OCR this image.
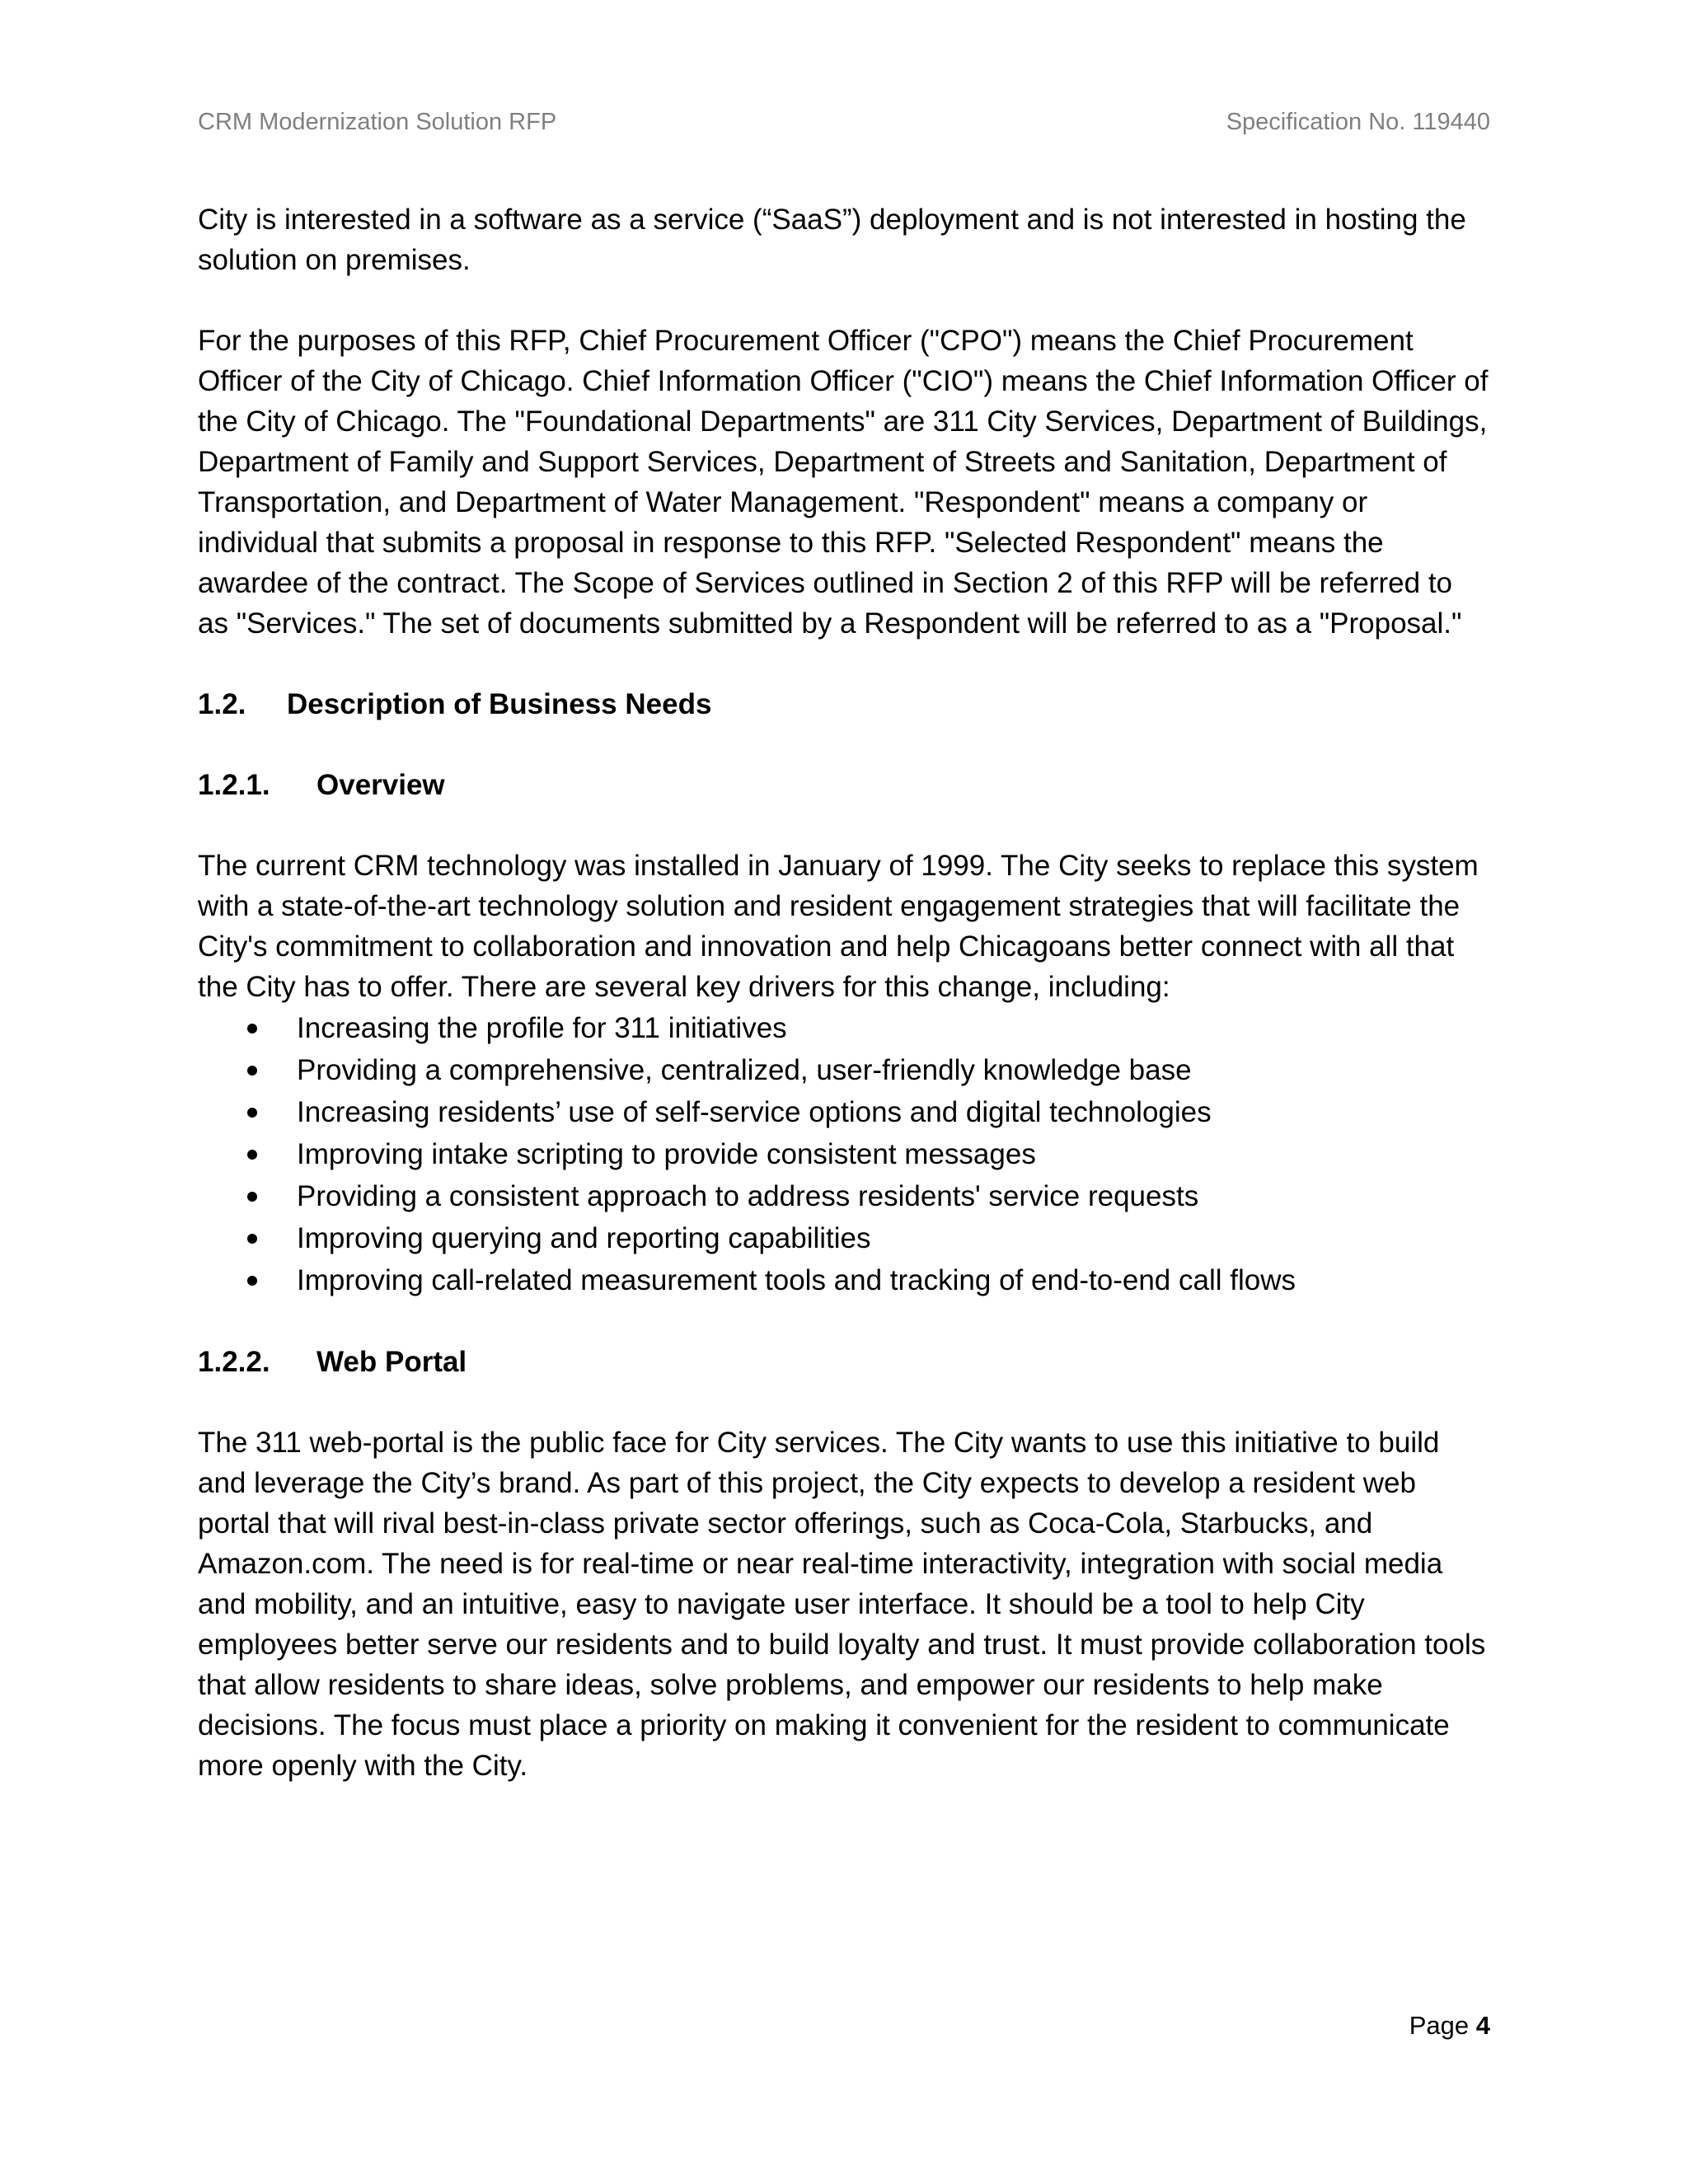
CRM Modernization Solution RFP	Specification No. 119440

City is interested in a software as a service (“SaaS”) deployment and is not interested in hosting the solution on premises.

For the purposes of this RFP, Chief Procurement Officer ("CPO") means the Chief Procurement Officer of the City of Chicago. Chief Information Officer ("CIO") means the Chief Information Officer of the City of Chicago. The "Foundational Departments" are 311 City Services, Department of Buildings, Department of Family and Support Services, Department of Streets and Sanitation, Department of Transportation, and Department of Water Management. "Respondent" means a company or individual that submits a proposal in response to this RFP. "Selected Respondent" means the awardee of the contract. The Scope of Services outlined in Section 2 of this RFP will be referred to as "Services." The set of documents submitted by a Respondent will be referred to as a "Proposal."

1.2.	Description of Business Needs
1.2.1.	Overview

The current CRM technology was installed in January of 1999. The City seeks to replace this system with a state-of-the-art technology solution and resident engagement strategies that will facilitate the City's commitment to collaboration and innovation and help Chicagoans better connect with all that the City has to offer. There are several key drivers for this change, including:

Increasing the profile for 311 initiatives
Providing a comprehensive, centralized, user-friendly knowledge base
Increasing residents’ use of self-service options and digital technologies
Improving intake scripting to provide consistent messages
Providing a consistent approach to address residents' service requests
Improving querying and reporting capabilities
Improving call-related measurement tools and tracking of end-to-end call flows
1.2.2.	Web Portal

The 311 web-portal is the public face for City services. The City wants to use this initiative to build and leverage the City’s brand. As part of this project, the City expects to develop a resident web portal that will rival best-in-class private sector offerings, such as Coca-Cola, Starbucks, and Amazon.com. The need is for real-time or near real-time interactivity, integration with social media and mobility, and an intuitive, easy to navigate user interface. It should be a tool to help City employees better serve our residents and to build loyalty and trust. It must provide collaboration tools that allow residents to share ideas, solve problems, and empower our residents to help make decisions. The focus must place a priority on making it convenient for the resident to communicate more openly with the City.

Page 4
